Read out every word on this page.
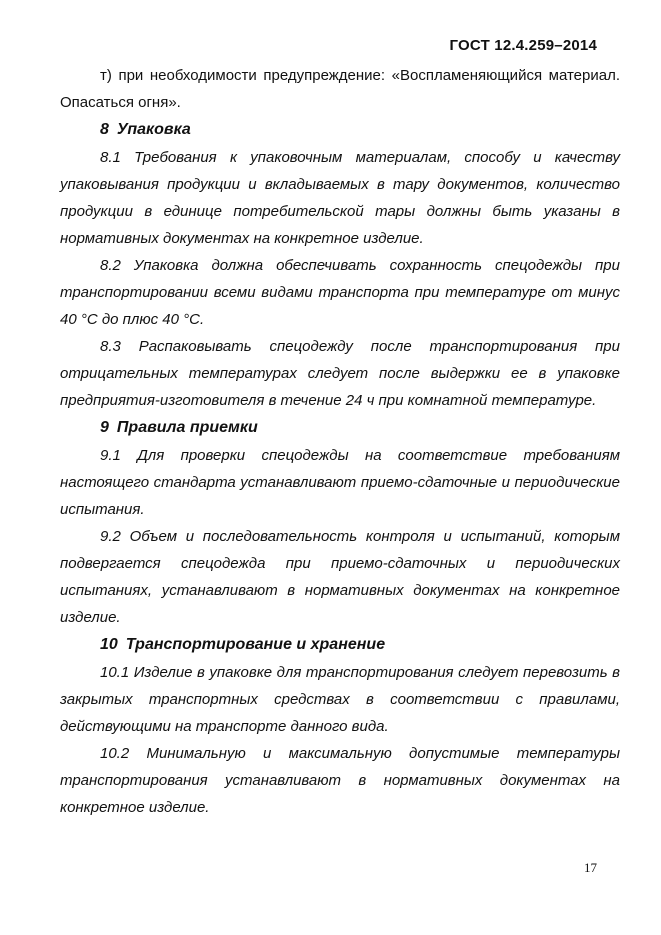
ГОСТ 12.4.259–2014

т) при необходимости предупреждение: «Воспламеняющийся материал. Опасаться огня».

8 Упаковка

8.1 Требования к упаковочным материалам, способу и качеству упаковывания продукции и вкладываемых в тару документов, количество продукции в единице потребительской тары должны быть указаны в нормативных документах на конкретное изделие.

8.2 Упаковка должна обеспечивать сохранность спецодежды при транспортировании всеми видами транспорта при температуре от минус 40 °С до плюс 40 °С.

8.3 Распаковывать спецодежду после транспортирования при отрицательных температурах следует после выдержки ее в упаковке предприятия-изготовителя в течение 24 ч при комнатной температуре.

9 Правила приемки

9.1 Для проверки спецодежды на соответствие требованиям настоящего стандарта устанавливают приемо-сдаточные и периодические испытания.

9.2 Объем и последовательность контроля и испытаний, которым подвергается спецодежда при приемо-сдаточных и периодических испытаниях, устанавливают в нормативных документах на конкретное изделие.

10 Транспортирование и хранение

10.1 Изделие в упаковке для транспортирования следует перевозить в закрытых транспортных средствах в соответствии с правилами, действующими на транспорте данного вида.

10.2 Минимальную и максимальную допустимые температуры транспортирования устанавливают в нормативных документах на конкретное изделие.

17
